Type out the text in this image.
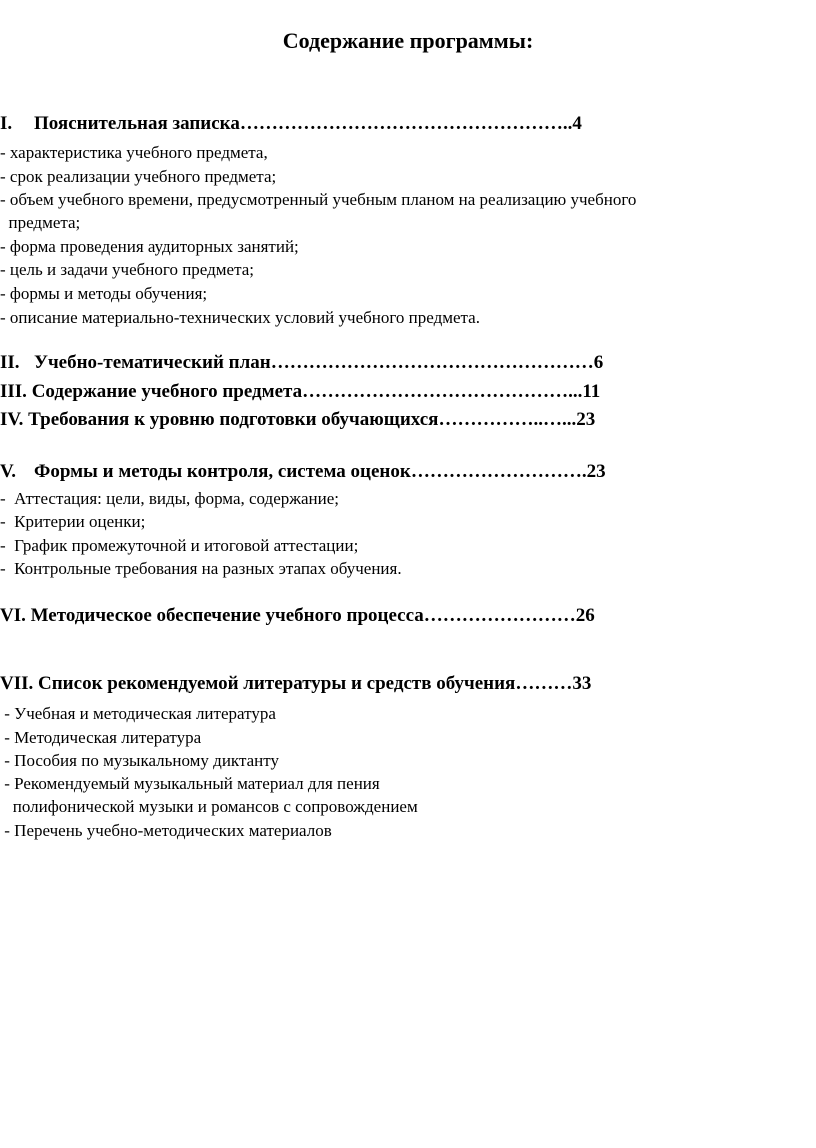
Содержание программы:
I. Пояснительная записка……………………………………………..4
- характеристика учебного предмета,
- срок реализации учебного предмета;
- объем учебного времени, предусмотренный учебным планом на реализацию учебного
предмета;
- форма проведения аудиторных занятий;
- цель и задачи учебного предмета;
- формы и методы обучения;
- описание материально-технических условий учебного предмета.
II. Учебно-тематический план……………………………………………6
III. Содержание учебного предмета……………………………………...11
IV. Требования к уровню подготовки обучающихся……………..…...23
V. Формы и методы контроля, система оценок……………………….23
-  Аттестация: цели, виды, форма, содержание;
-  Критерии оценки;
-  График промежуточной и итоговой аттестации;
-  Контрольные требования на разных этапах обучения.
VI. Методическое обеспечение учебного процесса……………………26
VII. Список рекомендуемой литературы и средств обучения………33
- Учебная и методическая литература
- Методическая литература
- Пособия по музыкальному диктанту
- Рекомендуемый музыкальный материал для пения
полифонической музыки и романсов с сопровождением
- Перечень учебно-методических материалов
